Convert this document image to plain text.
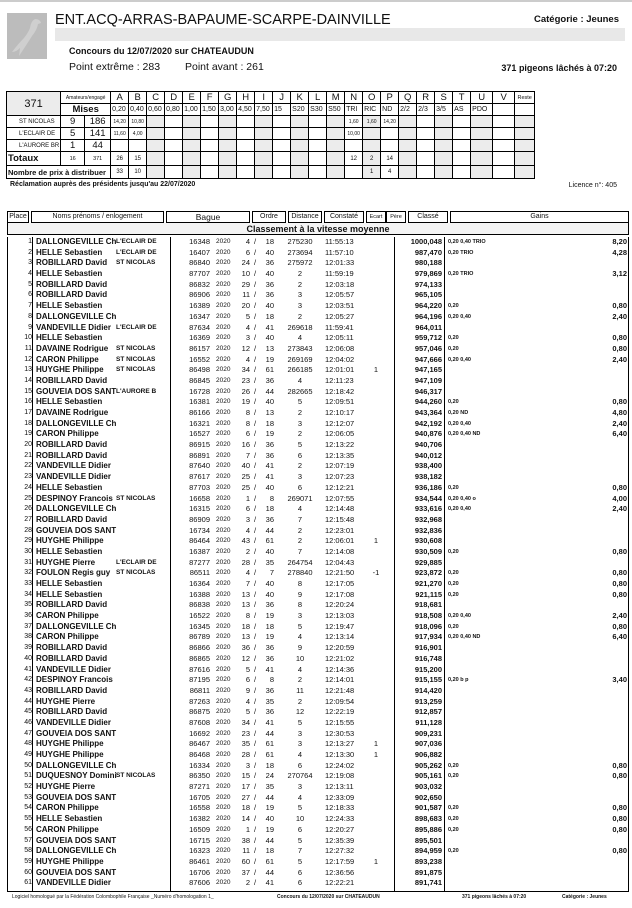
ENT.ACQ-ARRAS-BAPAUME-SCARPE-DAINVILLE	Catégorie : Jeunes
Concours du 12/07/2020 sur CHATEAUDUN
Point extrême : 283 Point avant : 261	371 pigeons lâchés à 07:20
371	Amateurs/engagé		A	B	C	D	E	F	G	H	I	J	K	L	M	N	O	P	Q	R	S	T	U	V	Reste
	Mises		0,20	0,40	0,60	0,80	1,00	1,50	3,00	4,50	7,50	15	S20	S30	S50	TRI	RIC	ND	2/2	2/3	3/5	AS	PDO		
ST NICOLAS	9	186	14,20	10,80												1,60	1,60	14,20							
L'ECLAIR DE	5	141	11,60	4,00												10,00									
L'AURORE BR	1	44																							
Totaux	16	371	26	15												12	2	14							
Nombre de prix à distribuer			33	10													1	4							
Réclamation auprès des présidents jusqu'au 22/07/2020	Licence n°: 405
Place	Noms prénoms / enlogement	Bague	Ordre	Distance	Constaté	Ecart	Père	Classé	Gains
Classement à la vitesse moyenne
1 DALLONGEVILLE Ch L'ECLAIR DE	16348 2020	4 /	18	275230	11:55:13	1000,048 0,20 0,40 TRIO	8,20
2 HELLE Sebastien L'ECLAIR DE	16407 2020	6 /	40	273694	11:57:10	987,470 0,20 TRIO	4,28
3 ROBILLARD David ST NICOLAS	86840 2020	24 /	36	275972	12:01:33	980,188
4 HELLE Sebastien	87707 2020	10 /	40	2	11:59:19	979,869 0,20 TRIO	3,12
5 ROBILLARD David	86832 2020	29 /	36	2	12:03:18	974,133
6 ROBILLARD David	86906 2020	11 /	36	3	12:05:57	965,105
7 HELLE Sebastien	16389 2020	20 /	40	3	12:03:51	964,220 0,20	0,80
8 DALLONGEVILLE Ch	16347 2020	5 /	18	2	12:05:27	964,196 0,20 0,40	2,40
9 VANDEVILLE Didier L'ECLAIR DE	87634 2020	4 /	41	269618	11:59:41	964,011
10 HELLE Sebastien	16369 2020	3 /	40	4	12:05:11	959,712 0,20	0,80
11 DAVAINE Rodrigue ST NICOLAS	86157 2020	12 /	13	273843	12:06:08	957,046 0,20	0,80
12 CARON Philippe	ST NICOLAS	16552 2020	4 /	19	269169	12:04:02	947,666 0,20 0,40	2,40
13 HUYGHE Philippe ST NICOLAS	86498 2020	34 /	61	266185	12:01:01	1	947,165
14 ROBILLARD David	86845 2020	23 /	36	4	12:11:23	947,109
15 GOUVEIA DOS SANT L'AURORE B	16728 2020	26 /	44	282665	12:18:42	946,317
16 HELLE Sebastien	16381 2020	19 /	40	5	12:09:51	944,260 0,20	0,80
17 DAVAINE Rodrigue	86166 2020	8 /	13	2	12:10:17	943,364 0,20 ND	4,80
18 DALLONGEVILLE Ch	16321 2020	8 /	18	3	12:12:07	942,192 0,20 0,40	2,40
19 CARON Philippe	16527 2020	6 /	19	2	12:06:05	940,876 0,20 0,40 ND	6,40
20 ROBILLARD David	86915 2020	16 /	36	5	12:13:22	940,706
21 ROBILLARD David	86891 2020	7 /	36	6	12:13:35	940,012
22 VANDEVILLE Didier	87640 2020	40 /	41	2	12:07:19	938,400
23 VANDEVILLE Didier	87617 2020	25 /	41	3	12:07:23	938,182
24 HELLE Sebastien	87703 2020	25 /	40	6	12:12:21	936,186 0,20	0,80
25 DESPINOY Francois ST NICOLAS	16658 2020	1 /	8	269071	12:07:55	934,544 0,20 0,40 o	4,00
26 DALLONGEVILLE Ch	16315 2020	6 /	18	4	12:14:48	933,616 0,20 0,40	2,40
27 ROBILLARD David	86909 2020	3 /	36	7	12:15:48	932,968
28 GOUVEIA DOS SANT	16734 2020	4 /	44	2	12:23:01	932,836
29 HUYGHE Philippe	86464 2020	43 /	61	2	12:06:01	1	930,608
30 HELLE Sebastien	16387 2020	2 /	40	7	12:14:08	930,509 0,20	0,80
31 HUYGHE Pierre	L'ECLAIR DE	87277 2020	28 /	35	264754	12:04:43	929,885
32 FOULON Regis guy ST NICOLAS	86511 2020	4 /	7	278840	12:21:50	-1	923,872 0,20	0,80
33 HELLE Sebastien	16364 2020	7 /	40	8	12:17:05	921,270 0,20	0,80
34 HELLE Sebastien	16388 2020	13 /	40	9	12:17:08	921,115 0,20	0,80
35 ROBILLARD David	86838 2020	13 /	36	8	12:20:24	918,681
36 CARON Philippe	16522 2020	8 /	19	3	12:13:03	918,508 0,20 0,40	2,40
37 DALLONGEVILLE Ch	16345 2020	18 /	18	5	12:19:47	918,096 0,20	0,80
38 CARON Philippe	86789 2020	13 /	19	4	12:13:14	917,934 0,20 0,40 ND	6,40
39 ROBILLARD David	86866 2020	36 /	36	9	12:20:59	916,901
40 ROBILLARD David	86865 2020	12 /	36	10	12:21:02	916,748
41 VANDEVILLE Didier	87616 2020	5 /	41	4	12:14:36	915,200
42 DESPINOY Francois	87195 2020	6 /	8	2	12:14:01	915,155 0,20 b p	3,40
43 ROBILLARD David	86811 2020	9 /	36	11	12:21:48	914,420
44 HUYGHE Pierre	87263 2020	4 /	35	2	12:09:54	913,259
45 ROBILLARD David	86875 2020	5 /	36	12	12:22:19	912,857
46 VANDEVILLE Didier	87608 2020	34 /	41	5	12:15:55	911,128
47 GOUVEIA DOS SANT	16692 2020	23 /	44	3	12:30:53	909,231
48 HUYGHE Philippe	86467 2020	35 /	61	3	12:13:27	1	907,036
49 HUYGHE Philippe	86468 2020	28 /	61	4	12:13:30	1	906,882
50 DALLONGEVILLE Ch	16334 2020	3 /	18	6	12:24:02	905,262 0,20	0,80
51 DUQUESNOY Domini ST NICOLAS	86350 2020	15 /	24	270764	12:19:08	905,161 0,20	0,80
52 HUYGHE Pierre	87271 2020	17 /	35	3	12:13:11	903,032
53 GOUVEIA DOS SANT	16705 2020	27 /	44	4	12:33:09	902,650
54 CARON Philippe	16558 2020	18 /	19	5	12:18:33	901,587 0,20	0,80
55 HELLE Sebastien	16382 2020	14 /	40	10	12:24:33	898,683 0,20	0,80
56 CARON Philippe	16509 2020	1 /	19	6	12:20:27	895,886 0,20	0,80
57 GOUVEIA DOS SANT	16715 2020	38 /	44	5	12:35:39	895,501
58 DALLONGEVILLE Ch	16323 2020	11 /	18	7	12:27:32	894,959 0,20	0,80
59 HUYGHE Philippe	86461 2020	60 /	61	5	12:17:59	1	893,238
60 GOUVEIA DOS SANT	16706 2020	37 /	44	6	12:36:56	891,875
61 VANDEVILLE Didier	87606 2020	2 /	41	6	12:22:21	891,741
Logiciel homologué par la Fédération Colombophile Française _Numéro d'homologation 1_	Concours du 12/07/2020 sur CHATEAUDUN	371 pigeons lâchés à 07:20	Catégorie : Jeunes
